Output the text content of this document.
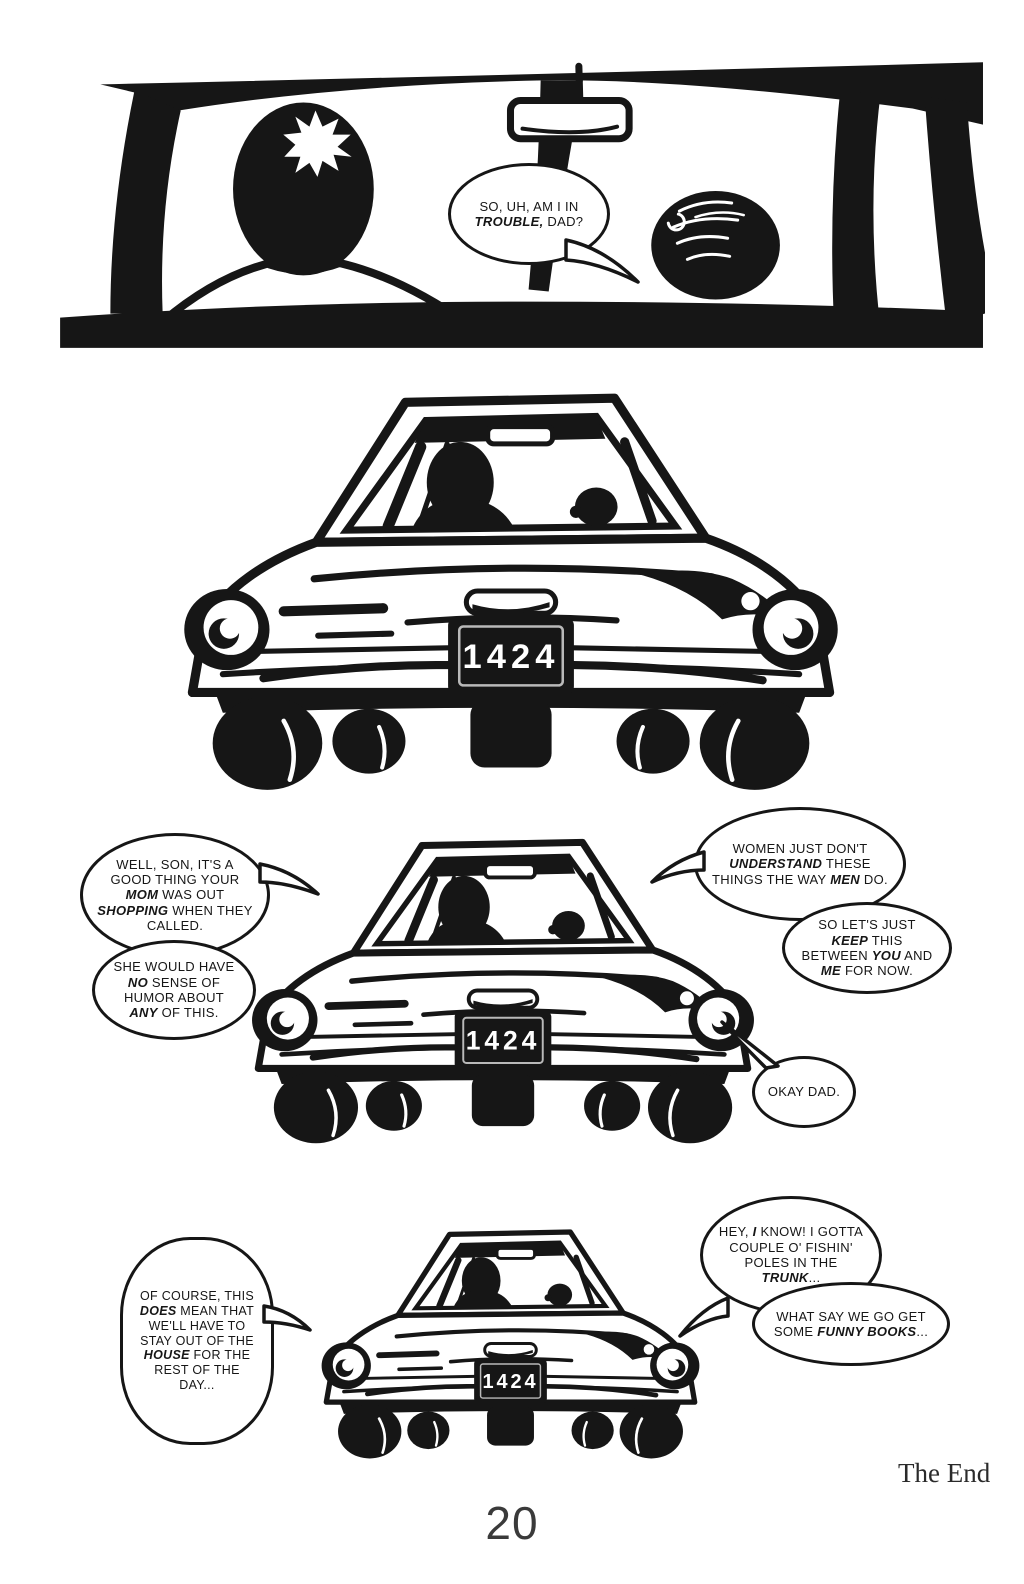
SO, UH, AM I IN TROUBLE, DAD?
WELL, SON, IT'S A GOOD THING YOUR MOM WAS OUT SHOPPING WHEN THEY CALLED.
SHE WOULD HAVE NO SENSE OF HUMOR ABOUT ANY OF THIS.
WOMEN JUST DON'T UNDERSTAND THESE THINGS THE WAY MEN DO.
SO LET'S JUST KEEP THIS BETWEEN YOU AND ME FOR NOW.
OKAY DAD.
OF COURSE, THIS DOES MEAN THAT WE'LL HAVE TO STAY OUT OF THE HOUSE FOR THE REST OF THE DAY...
HEY, I KNOW! I GOTTA COUPLE O' FISHIN' POLES IN THE TRUNK...
WHAT SAY WE GO GET SOME FUNNY BOOKS...
The End
20
